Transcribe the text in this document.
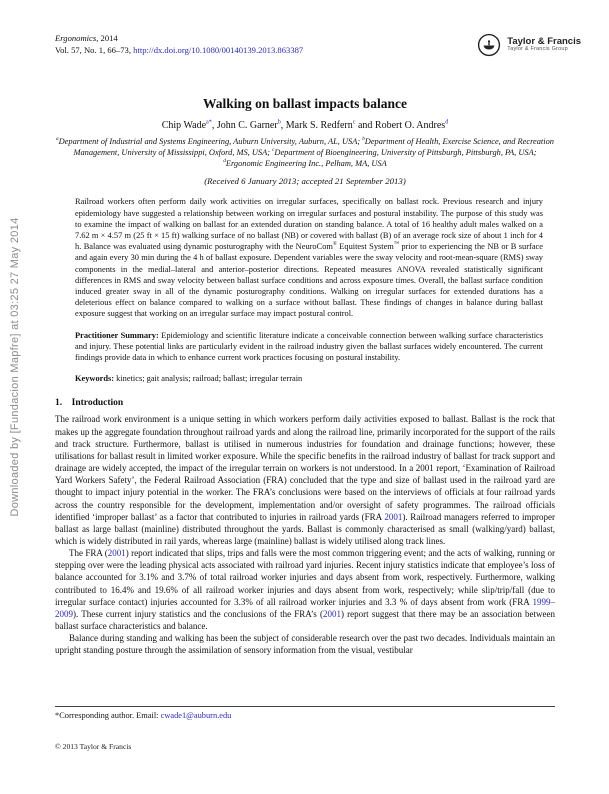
Downloaded by [Fundacion Mapfre] at 03:25 27 May 2014
Ergonomics, 2014
Vol. 57, No. 1, 66–73, http://dx.doi.org/10.1080/00140139.2013.863387
Taylor & Francis
Taylor & Francis Group
Walking on ballast impacts balance
Chip Wade$^{a*}$, John C. Garner$^b$, Mark S. Redfern$^c$ and Robert O. Andres$^d$
$^a$Department of Industrial and Systems Engineering, Auburn University, Auburn, AL, USA; $^b$Department of Health, Exercise Science, and Recreation Management, University of Mississippi, Oxford, MS, USA; $^c$Department of Bioengineering, University of Pittsburgh, Pittsburgh, PA, USA; $^d$Ergonomic Engineering Inc., Pelham, MA, USA
(Received 6 January 2013; accepted 21 September 2013)

Railroad workers often perform daily work activities on irregular surfaces, specifically on ballast rock. Previous research and injury epidemiology have suggested a relationship between working on irregular surfaces and postural instability. The purpose of this study was to examine the impact of walking on ballast for an extended duration on standing balance. A total of 16 healthy adult males walked on a 7.62 m × 4.57 m (25 ft × 15 ft) walking surface of no ballast (NB) or covered with ballast (B) of an average rock size of about 1 inch for 4 h. Balance was evaluated using dynamic posturography with the NeuroCom® Equitest System™ prior to experiencing the NB or B surface and again every 30 min during the 4 h of ballast exposure. Dependent variables were the sway velocity and root-mean-square (RMS) sway components in the medial–lateral and anterior–posterior directions. Repeated measures ANOVA revealed statistically significant differences in RMS and sway velocity between ballast surface conditions and across exposure times. Overall, the ballast surface condition induced greater sway in all of the dynamic posturography conditions. Walking on irregular surfaces for extended durations has a deleterious effect on balance compared to walking on a surface without ballast. These findings of changes in balance during ballast exposure suggest that working on an irregular surface may impact postural control.

Practitioner Summary: Epidemiology and scientific literature indicate a conceivable connection between walking surface characteristics and injury. These potential links are particularly evident in the railroad industry given the ballast surfaces widely encountered. The current findings provide data in which to enhance current work practices focusing on postural instability.

Keywords: kinetics; gait analysis; railroad; ballast; irregular terrain

1. Introduction

The railroad work environment is a unique setting in which workers perform daily activities exposed to ballast. Ballast is the rock that makes up the aggregate foundation throughout railroad yards and along the railroad line, primarily incorporated for the support of the rails and track structure. Furthermore, ballast is utilised in numerous industries for foundation and drainage functions; however, these utilisations for ballast result in limited worker exposure. While the specific benefits in the railroad industry of ballast for track support and drainage are widely accepted, the impact of the irregular terrain on workers is not understood. In a 2001 report, ‘Examination of Railroad Yard Workers Safety’, the Federal Railroad Association (FRA) concluded that the type and size of ballast used in the railroad yard are thought to impact injury potential in the worker. The FRA’s conclusions were based on the interviews of officials at four railroad yards across the country responsible for the development, implementation and/or oversight of safety programmes. The railroad officials identified ‘improper ballast’ as a factor that contributed to injuries in railroad yards (FRA 2001). Railroad managers referred to improper ballast as large ballast (mainline) distributed throughout the yards. Ballast is commonly characterised as small (walking/yard) ballast, which is widely distributed in rail yards, whereas large (mainline) ballast is widely utilised along track lines.

The FRA (2001) report indicated that slips, trips and falls were the most common triggering event; and the acts of walking, running or stepping over were the leading physical acts associated with railroad yard injuries. Recent injury statistics indicate that employee’s loss of balance accounted for 3.1% and 3.7% of total railroad worker injuries and days absent from work, respectively. Furthermore, walking contributed to 16.4% and 19.6% of all railroad worker injuries and days absent from work, respectively; while slip/trip/fall (due to irregular surface contact) injuries accounted for 3.3% of all railroad worker injuries and 3.3 % of days absent from work (FRA 1999–2009). These current injury statistics and the conclusions of the FRA’s (2001) report suggest that there may be an association between ballast surface characteristics and balance.

Balance during standing and walking has been the subject of considerable research over the past two decades. Individuals maintain an upright standing posture through the assimilation of sensory information from the visual, vestibular

*Corresponding author. Email: cwade1@auburn.edu
© 2013 Taylor & Francis
